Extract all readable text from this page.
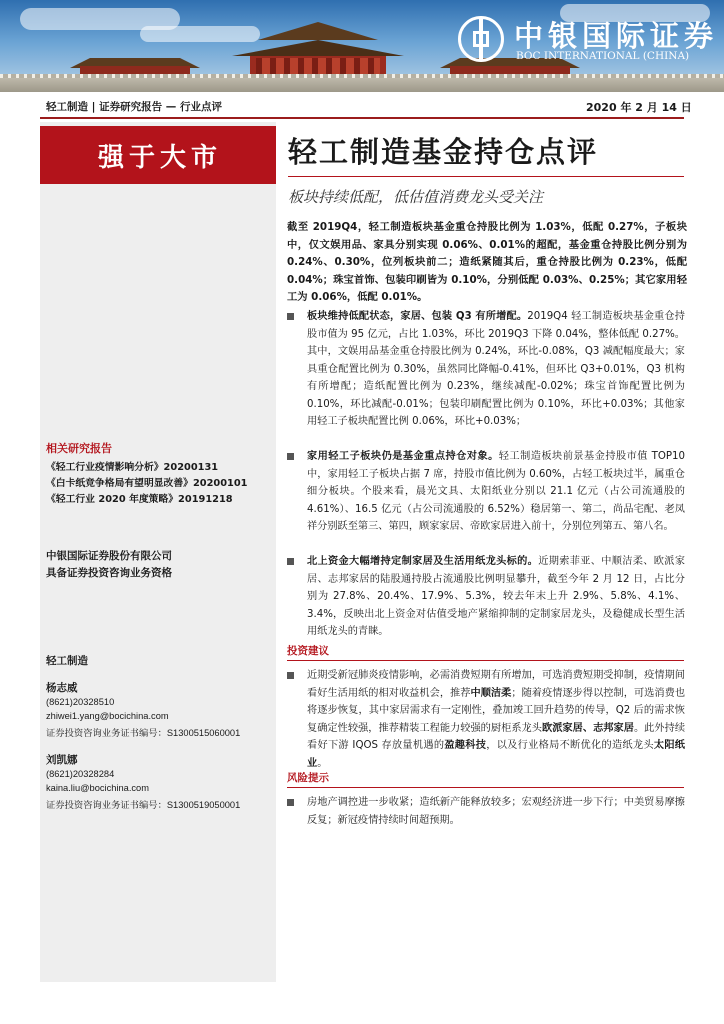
中银国际证券
BOC INTERNATIONAL (CHINA)
轻工制造 | 证券研究报告 — 行业点评	2020 年 2 月 14 日
强于大市
相关研究报告
《轻工行业疫情影响分析》20200131
《白卡纸竞争格局有望明显改善》20200101
《轻工行业 2020 年度策略》20191218
中银国际证券股份有限公司
具备证券投资咨询业务资格
轻工制造
杨志威
(8621)20328510
zhiwei1.yang@bocichina.com
证券投资咨询业务证书编号：S1300515060001
刘凯娜
(8621)20328284
kaina.liu@bocichina.com
证券投资咨询业务证书编号：S1300519050001
轻工制造基金持仓点评
板块持续低配，低估值消费龙头受关注
截至 2019Q4，轻工制造板块基金重仓持股比例为 1.03%，低配 0.27%，子板块中，仅文娱用品、家具分别实现 0.06%、0.01%的超配，基金重仓持股比例分别为 0.24%、0.30%，位列板块前二；造纸紧随其后，重仓持股比例为 0.23%，低配 0.04%；珠宝首饰、包装印刷皆为 0.10%，分别低配 0.03%、0.25%；其它家用轻工为 0.06%，低配 0.01%。
板块维持低配状态，家居、包装 Q3 有所增配。2019Q4 轻工制造板块基金重仓持股市值为 95 亿元，占比 1.03%，环比 2019Q3 下降 0.04%，整体低配 0.27%。其中，文娱用品基金重仓持股比例为 0.24%，环比-0.08%，Q3 减配幅度最大；家具重仓配置比例为 0.30%，虽然同比降幅-0.41%，但环比 Q3+0.01%，Q3 机构有所增配；造纸配置比例为 0.23%，继续减配-0.02%；珠宝首饰配置比例为 0.10%，环比减配-0.01%；包装印刷配置比例为 0.10%，环比+0.03%；其他家用轻工子板块配置比例 0.06%，环比+0.03%；
家用轻工子板块仍是基金重点持仓对象。轻工制造板块前景基金持股市值 TOP10 中，家用轻工子板块占据 7 席，持股市值比例为 0.60%，占轻工板块过半，属重仓细分板块。个股来看，晨光文具、太阳纸业分别以 21.1 亿元（占公司流通股的 4.61%）、16.5 亿元（占公司流通股的 6.52%）稳居第一、第二，尚品宅配、老凤祥分别跃至第三、第四，顾家家居、帝欧家居进入前十，分别位列第五、第八名。
北上资金大幅增持定制家居及生活用纸龙头标的。近期索菲亚、中顺洁柔、欧派家居、志邦家居的陆股通持股占流通股比例明显攀升，截至今年 2 月 12 日，占比分别为 27.8%、20.4%、17.9%、5.3%，较去年末上升 2.9%、5.8%、4.1%、3.4%，反映出北上资金对估值受地产紧缩抑制的定制家居龙头，及稳健成长型生活用纸龙头的青睐。
投资建议
近期受新冠肺炎疫情影响，必需消费短期有所增加，可选消费短期受抑制，疫情期间看好生活用纸的相对收益机会，推荐中顺洁柔；随着疫情逐步得以控制，可选消费也将逐步恢复，其中家居需求有一定刚性，叠加竣工回升趋势的传导，Q2 后的需求恢复确定性较强，推荐精装工程能力较强的厨柜系龙头欧派家居、志邦家居。此外持续看好下游 IQOS 存放量机遇的盈趣科技，以及行业格局不断优化的造纸龙头太阳纸业。
风险提示
房地产调控进一步收紧；造纸新产能释放较多；宏观经济进一步下行；中美贸易摩擦反复；新冠疫情持续时间超预期。
